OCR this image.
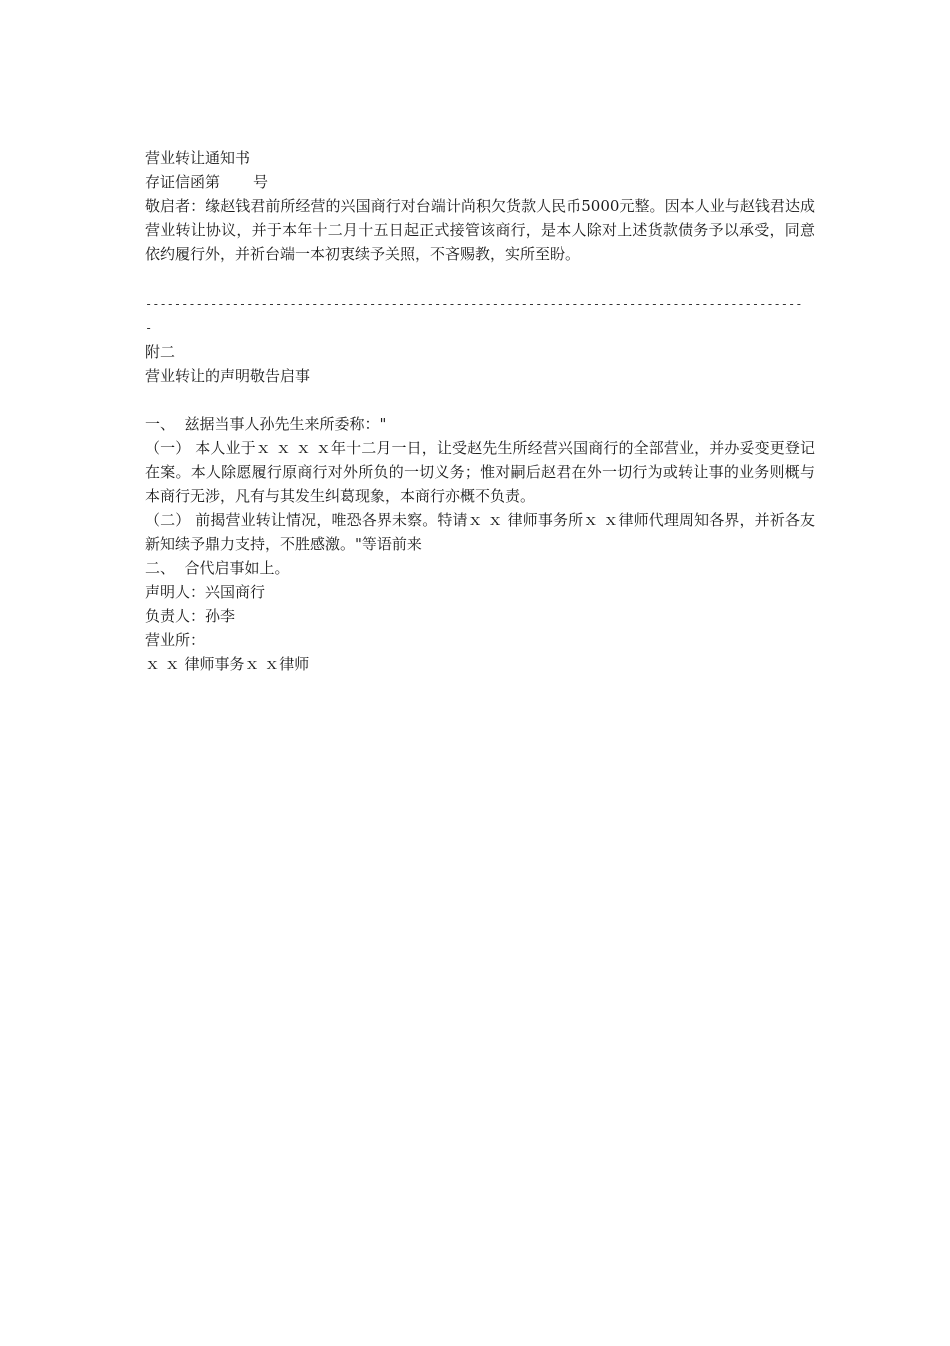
营业转让通知书
存证信函第 号
敬启者：缘赵钱君前所经营的兴国商行对台端计尚积欠货款人民币5000元整。因本人业与赵钱君达成营业转让协议，并于本年十二月十五日起正式接管该商行，是本人除对上述货款债务予以承受，同意依约履行外，并祈台端一本初衷续予关照，不吝赐教，实所至盼。
--------------------------------------------------------------------------------------------
附二
营业转让的声明敬告启事
一、  兹据当事人孙先生来所委称："
（一） 本人业于ｘ ｘ ｘ ｘ年十二月一日，让受赵先生所经营兴国商行的全部营业，并办妥变更登记在案。本人除愿履行原商行对外所负的一切义务；惟对嗣后赵君在外一切行为或转让事的业务则概与本商行无涉，凡有与其发生纠葛现象，本商行亦概不负责。
（二） 前揭营业转让情况，唯恐各界未察。特请ｘ ｘ 律师事务所ｘ ｘ律师代理周知各界，并祈各友新知续予鼎力支持，不胜感激。"等语前来
二、  合代启事如上。
声明人：兴国商行
负责人：孙李
营业所：
ｘ ｘ 律师事务ｘ ｘ律师
